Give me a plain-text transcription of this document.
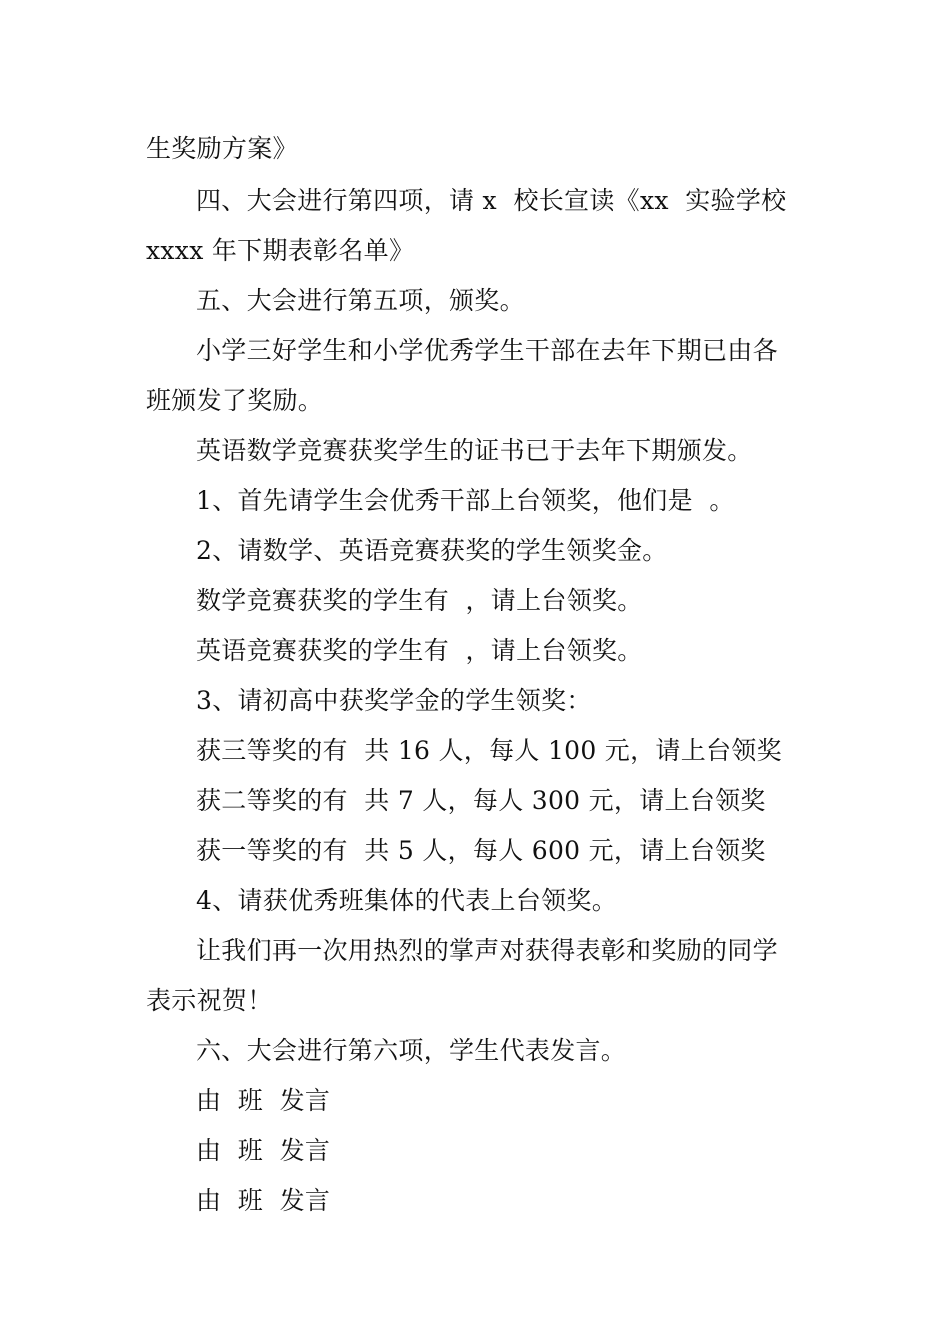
生奖励方案》
四、大会进行第四项，请 x  校长宣读《xx  实验学校
xxxx 年下期表彰名单》
五、大会进行第五项，颁奖。
小学三好学生和小学优秀学生干部在去年下期已由各
班颁发了奖励。
英语数学竞赛获奖学生的证书已于去年下期颁发。
1、首先请学生会优秀干部上台领奖，他们是  。
2、请数学、英语竞赛获奖的学生领奖金。
数学竞赛获奖的学生有  ，请上台领奖。
英语竞赛获奖的学生有  ，请上台领奖。
3、请初高中获奖学金的学生领奖：
获三等奖的有  共 16 人，每人 100 元，请上台领奖
获二等奖的有  共 7 人，每人 300 元，请上台领奖
获一等奖的有  共 5 人，每人 600 元，请上台领奖
4、请获优秀班集体的代表上台领奖。
让我们再一次用热烈的掌声对获得表彰和奖励的同学
表示祝贺！
六、大会进行第六项，学生代表发言。
由  班  发言
由  班  发言
由  班  发言
